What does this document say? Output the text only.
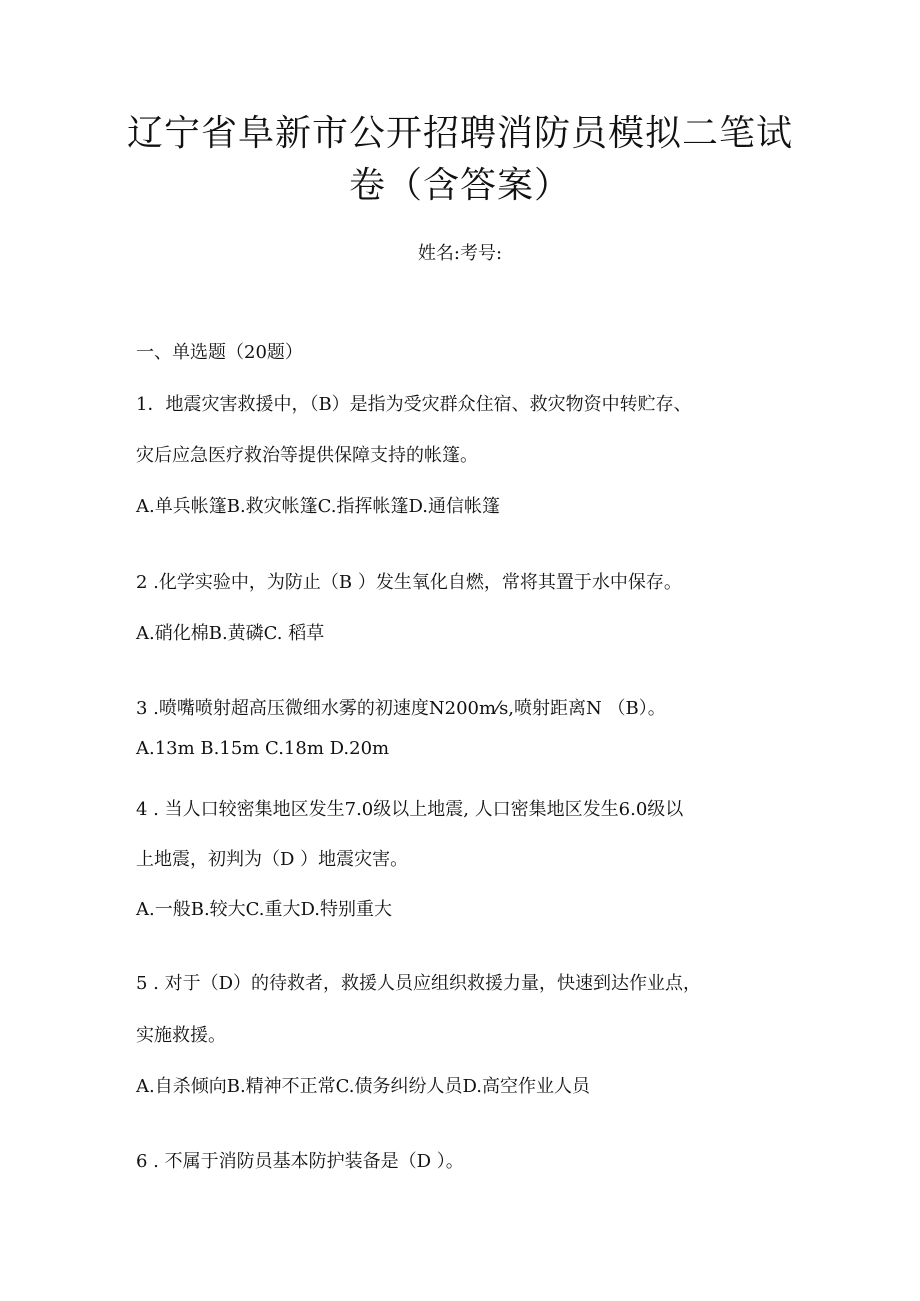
辽宁省阜新市公开招聘消防员模拟二笔试
卷（含答案）
姓名:考号:

一、单选题（20题）

1．地震灾害救援中，（B）是指为受灾群众住宿、救灾物资中转贮存、

灾后应急医疗救治等提供保障支持的帐篷。

A.单兵帐篷B.救灾帐篷C.指挥帐篷D.通信帐篷

2 .化学实验中，为防止（B ）发生氧化自燃，常将其置于水中保存。

A.硝化棉B.黄磷C. 稻草

3 .喷嘴喷射超高压微细水雾的初速度N200m⁄s,喷射距离N （B）。

A.13m B.15m C.18m D.20m

4 . 当人口较密集地区发生7.0级以上地震, 人口密集地区发生6.0级以

上地震，初判为（D ）地震灾害。

A.一般B.较大C.重大D.特别重大

5 . 对于（D）的待救者，救援人员应组织救援力量，快速到达作业点，

实施救援。

A.自杀倾向B.精神不正常C.债务纠纷人员D.高空作业人员

6 . 不属于消防员基本防护装备是（D ）。
